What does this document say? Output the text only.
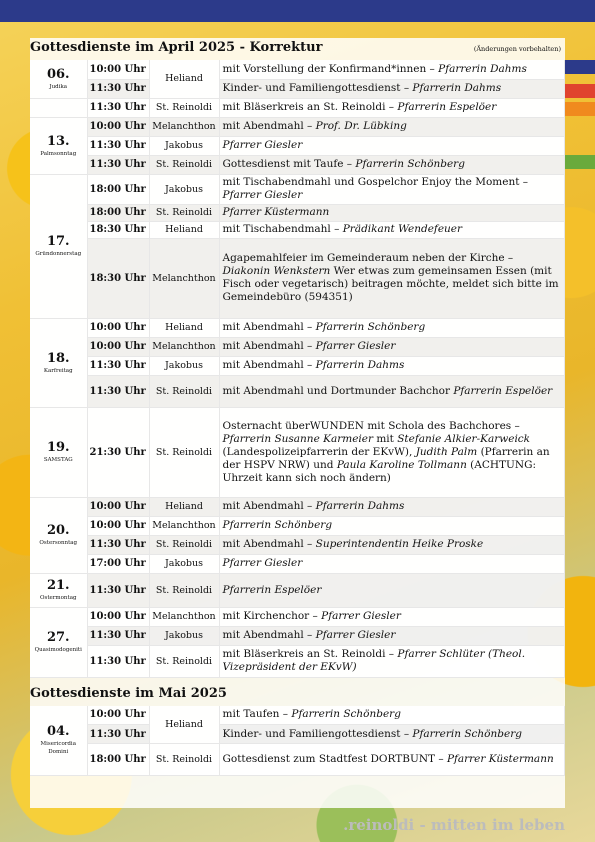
Gottesdienste im April 2025 - Korrektur	(Änderungen vorbehalten)
06.
Judika	10:00 Uhr	Heliand	mit Vorstellung der Konfirmand*innen – Pfarrerin Dahms
	11:30 Uhr		Kinder- und Familiengottesdienst – Pfarrerin Dahms

	11:30 Uhr	St. Reinoldi	mit Bläserkreis an St. Reinoldi – Pfarrerin Espelöer

13.
Palmsonntag	10:00 Uhr	Melanchthon	mit Abendmahl – Prof. Dr. Lübking
	11:30 Uhr	Jakobus	Pfarrer Giesler
	11:30 Uhr	St. Reinoldi	Gottesdienst mit Taufe – Pfarrerin Schönberg

17.
Gründonnerstag	18:00 Uhr	Jakobus	mit Tischabendmahl und Gospelchor Enjoy the Moment – Pfarrer Giesler
	18:00 Uhr	St. Reinoldi	Pfarrer Küstermann
	18:30 Uhr	Heliand	mit Tischabendmahl – Prädikant Wendefeuer
	18:30 Uhr	Melanchthon	Agapemahlfeier im Gemeinderaum neben der Kirche – Diakonin Wenkstern Wer etwas zum gemeinsamen Essen (mit Fisch oder vegetarisch) beitragen möchte, meldet sich bitte im Gemeindebüro (594351)

18.
Karfreitag	10:00 Uhr	Heliand	mit Abendmahl – Pfarrerin Schönberg
	10:00 Uhr	Melanchthon	mit Abendmahl – Pfarrer Giesler
	11:30 Uhr	Jakobus	mit Abendmahl – Pfarrerin Dahms
	11:30 Uhr	St. Reinoldi	mit Abendmahl und Dortmunder Bachchor Pfarrerin Espelöer

19.
SAMSTAG	21:30 Uhr	St. Reinoldi	Osternacht überWUNDEN mit Schola des Bachchores – Pfarrerin Susanne Karmeier mit Stefanie Alkier-Karweick (Landespolizeipfarrerin der EKvW), Judith Palm (Pfarrerin an der HSPV NRW) und Paula Karoline Tollmann (ACHTUNG: Uhrzeit kann sich noch ändern)

20.
Ostersonntag	10:00 Uhr	Heliand	mit Abendmahl – Pfarrerin Dahms
	10:00 Uhr	Melanchthon	Pfarrerin Schönberg
	11:30 Uhr	St. Reinoldi	mit Abendmahl – Superintendentin Heike Proske
	17:00 Uhr	Jakobus	Pfarrer Giesler

21.
Ostermontag	11:30 Uhr	St. Reinoldi	Pfarrerin Espelöer

27.
Quasimodogeniti	10:00 Uhr	Melanchthon	mit Kirchenchor – Pfarrer Giesler
	11:30 Uhr	Jakobus	mit Abendmahl – Pfarrer Giesler
	11:30 Uhr	St. Reinoldi	mit Bläserkreis an St. Reinoldi – Pfarrer Schlüter (Theol. Vizepräsident der EKvW)
Gottesdienste im Mai 2025
04.
Misericordia Domini	10:00 Uhr	Heliand	mit Taufen – Pfarrerin Schönberg
	11:30 Uhr		Kinder- und Familiengottesdienst – Pfarrerin Schönberg
	18:00 Uhr	St. Reinoldi	Gottesdienst zum Stadtfest DORTBUNT – Pfarrer Küstermann
.reinoldi - mitten im leben
